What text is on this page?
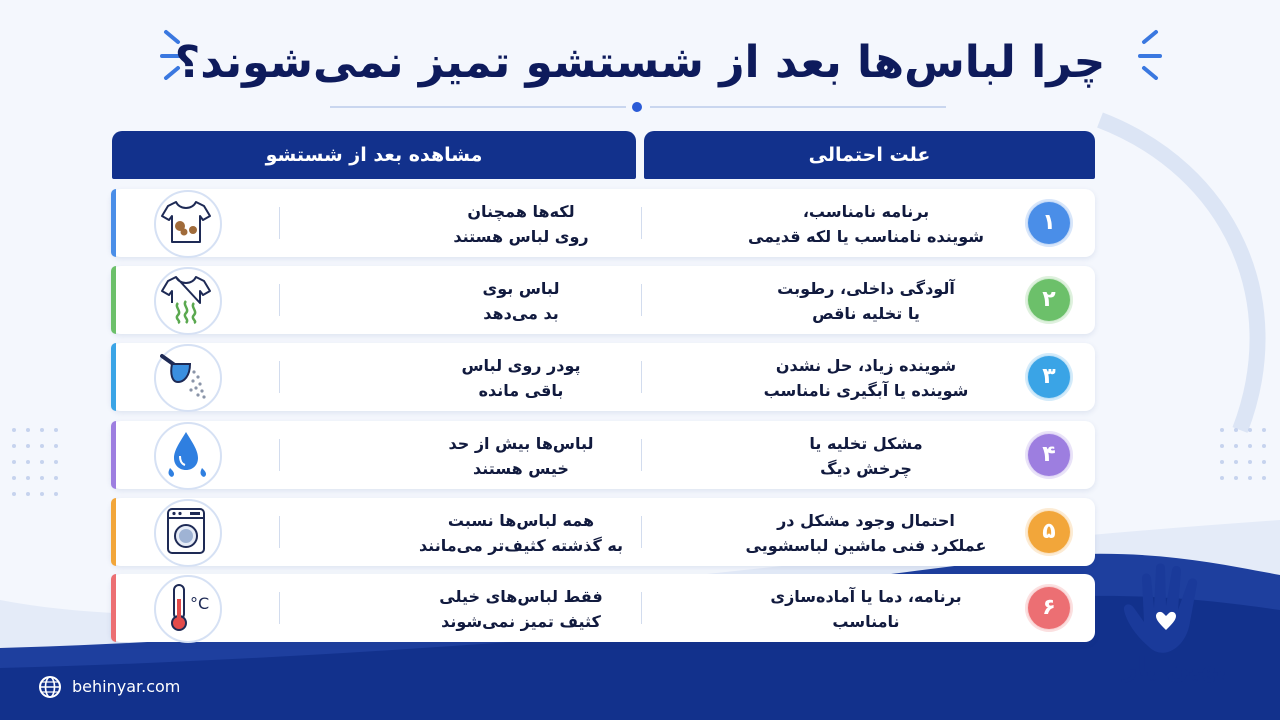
چرا لباس‌ها بعد از شستشو تمیز نمی‌شوند؟
مشاهده بعد از شستشو	علت احتمالی
لکه‌ها همچنان
روی لباس هستند
برنامه نامناسب،
شوینده نامناسب یا لکه قدیمی
۱
لباس بوی
بد می‌دهد
آلودگی داخلی، رطوبت
یا تخلیه ناقص
۲
پودر روی لباس
باقی مانده
شوینده زیاد، حل نشدن
شوینده یا آبگیری نامناسب
۳
لباس‌ها بیش از حد
خیس هستند
مشکل تخلیه یا
چرخش دیگ
۴
همه لباس‌ها نسبت
به گذشته کثیف‌تر می‌مانند
احتمال وجود مشکل در
عملکرد فنی ماشین لباسشویی
۵
°C	فقط لباس‌های خیلی
کثیف تمیز نمی‌شوند
برنامه، دما یا آماده‌سازی
نامناسب
۶
behinyar.com
بهین یار
